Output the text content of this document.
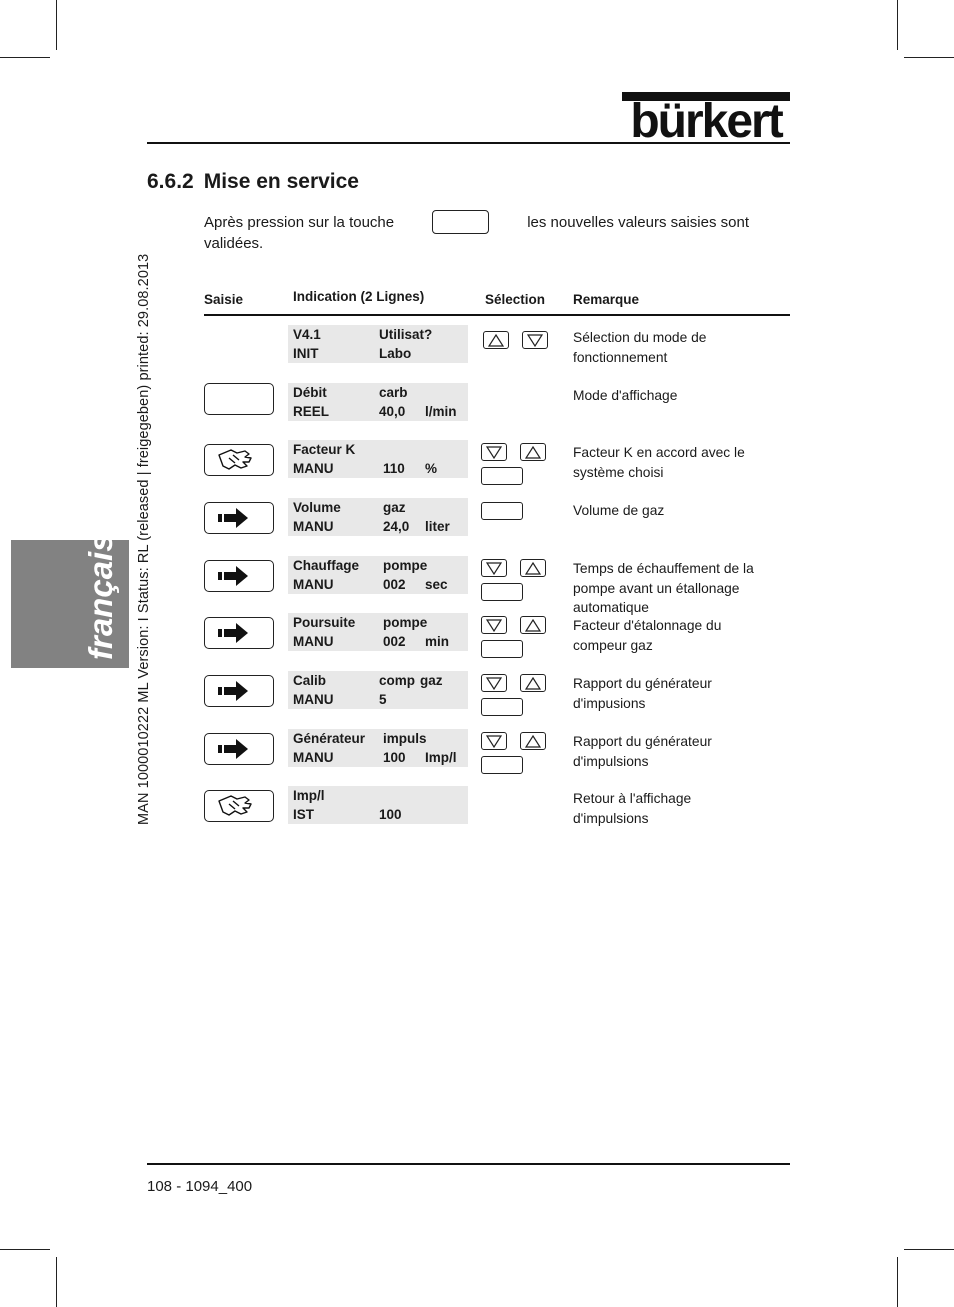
bürkert
MAN 1000010222 ML Version: I Status: RL (released | freigegeben) printed: 29.08.2013
français
6.6.2 Mise en service
Après pression sur la touche	les nouvelles valeurs saisies sont
validées.
Saisie	Indication (2 Lignes)	Sélection Remarque
V4.1	Utilisat?
INIT	Labo
Sélection du mode de
fonctionnement
Débit	carb
REEL	40,0 l/min
Mode d'affichage
Facteur K
MANU	110 %
Facteur K en accord avec le
système choisi
Volume	gaz
MANU	24,0 liter
Volume de gaz
Chauffage pompe
MANU	002 sec
Temps de échauffement de la
pompe avant un étallonage
automatique
Poursuite pompe
MANU	002 min
Facteur d'étalonnage du
compeur gaz
Calib	comp gaz
MANU	5
Rapport du générateur
d'impusions
Générateur impuls
MANU	100 Imp/l
Rapport du générateur
d'impulsions
Imp/l
IST	100
Retour à l'affichage
d'impulsions
108 - 1094_400
